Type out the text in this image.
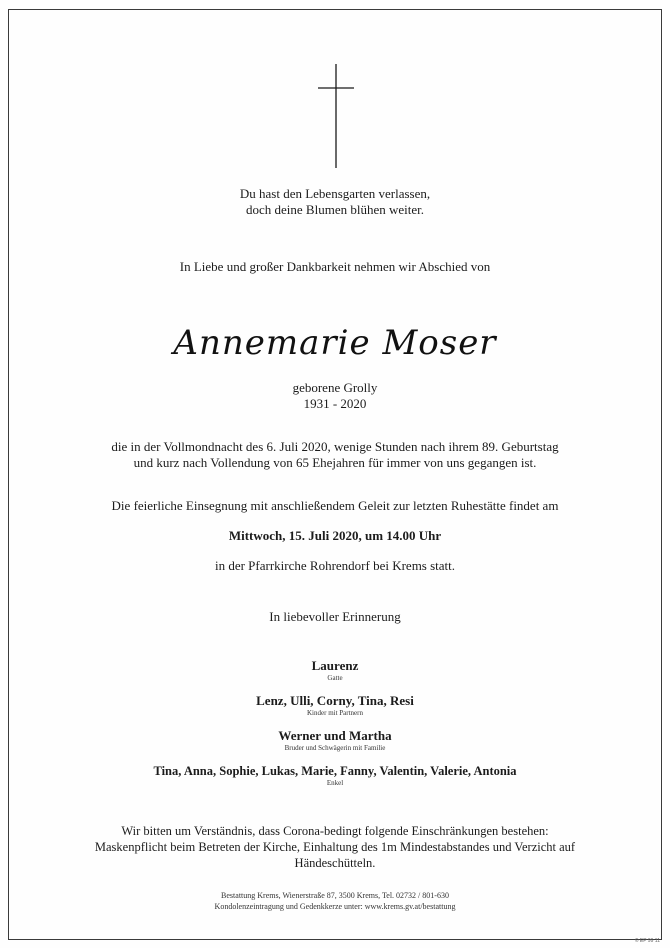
Du hast den Lebensgarten verlassen,
doch deine Blumen blühen weiter.
In Liebe und großer Dankbarkeit nehmen wir Abschied von
Annemarie Moser
geborene Grolly
1931 - 2020
die in der Vollmondnacht des 6. Juli 2020, wenige Stunden nach ihrem 89. Geburtstag
und kurz nach Vollendung von 65 Ehejahren für immer von uns gegangen ist.
Die feierliche Einsegnung mit anschließendem Geleit zur letzten Ruhestätte findet am
Mittwoch, 15. Juli 2020, um 14.00 Uhr
in der Pfarrkirche Rohrendorf bei Krems statt.
In liebevoller Erinnerung
Laurenz
Gatte
Lenz, Ulli, Corny, Tina, Resi
Kinder mit Partnern
Werner und Martha
Bruder und Schwägerin mit Familie
Tina, Anna, Sophie, Lukas, Marie, Fanny, Valentin, Valerie, Antonia
Enkel
Wir bitten um Verständnis, dass Corona-bedingt folgende Einschränkungen bestehen:
Maskenpflicht beim Betreten der Kirche, Einhaltung des 1m Mindestabstandes und Verzicht auf
Händeschütteln.
Bestattung Krems, Wienerstraße 87, 3500 Krems, Tel. 02732 / 801-630
Kondolenzeintragung und Gedenkkerze unter: www.krems.gv.at/bestattung
© EP 99 11
